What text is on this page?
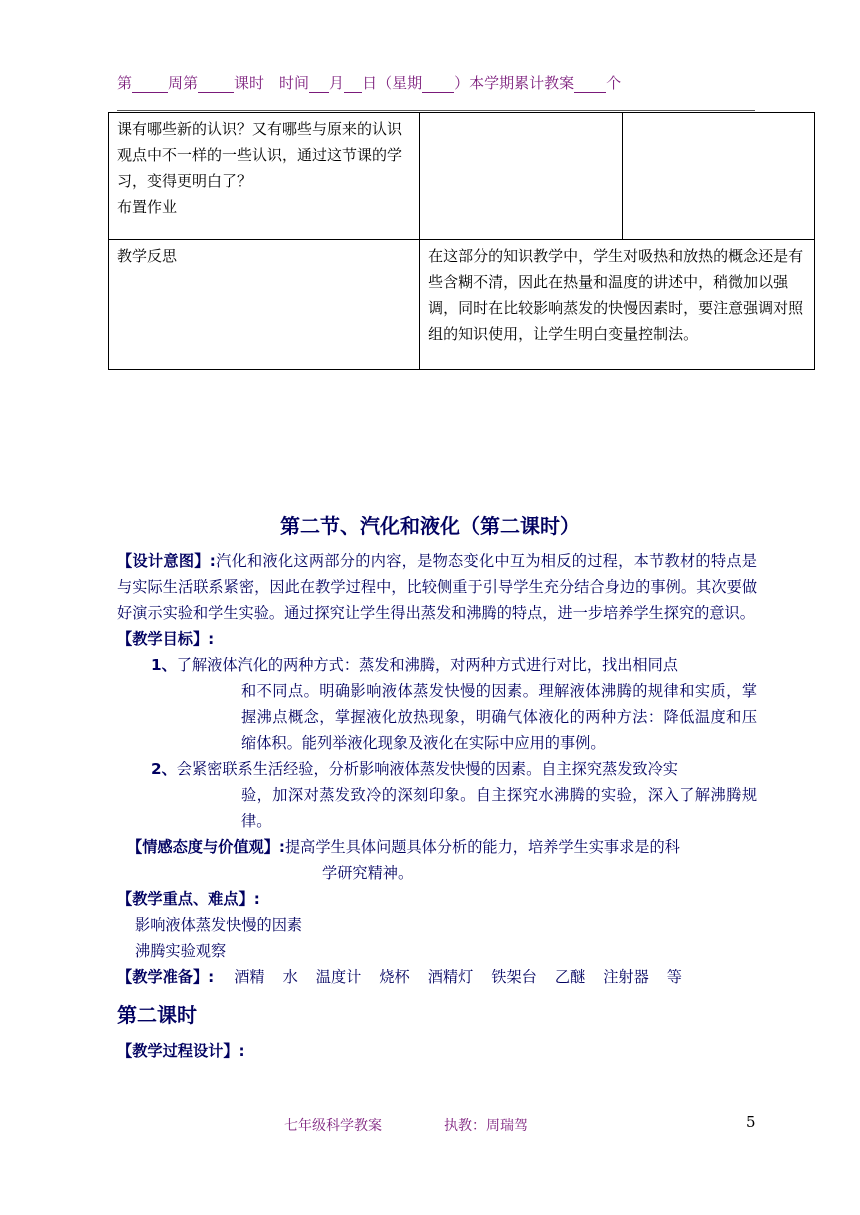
第 周第 课时　时间 月 日（星期 ）本学期累计教案 个
课有哪些新的认识？又有哪些与原来的认识观点中不一样的一些认识，通过这节课的学习，变得更明白了？
布置作业		

教学反思	在这部分的知识教学中，学生对吸热和放热的概念还是有些含糊不清，因此在热量和温度的讲述中，稍微加以强调，同时在比较影响蒸发的快慢因素时，要注意强调对照组的知识使用，让学生明白变量控制法。	
第二节、汽化和液化（第二课时）
【设计意图】:汽化和液化这两部分的内容，是物态变化中互为相反的过程，本节教材的特点是与实际生活联系紧密，因此在教学过程中，比较侧重于引导学生充分结合身边的事例。其次要做好演示实验和学生实验。通过探究让学生得出蒸发和沸腾的特点，进一步培养学生探究的意识。
【教学目标】:
1、了解液体汽化的两种方式：蒸发和沸腾，对两种方式进行对比，找出相同点
和不同点。明确影响液体蒸发快慢的因素。理解液体沸腾的规律和实质，掌握沸点概念，掌握液化放热现象，明确气体液化的两种方法：降低温度和压缩体积。能列举液化现象及液化在实际中应用的事例。
2、会紧密联系生活经验，分析影响液体蒸发快慢的因素。自主探究蒸发致冷实
验，加深对蒸发致冷的深刻印象。自主探究水沸腾的实验，深入了解沸腾规律。
【情感态度与价值观】:提高学生具体问题具体分析的能力，培养学生实事求是的科
学研究精神。
【教学重点、难点】:
影响液体蒸发快慢的因素
沸腾实验观察
【教学准备】: 酒精 水 温度计 烧杯 酒精灯 铁架台 乙醚 注射器 等
第二课时
【教学过程设计】:
七年级科学教案	执教：周瑞驾	5
